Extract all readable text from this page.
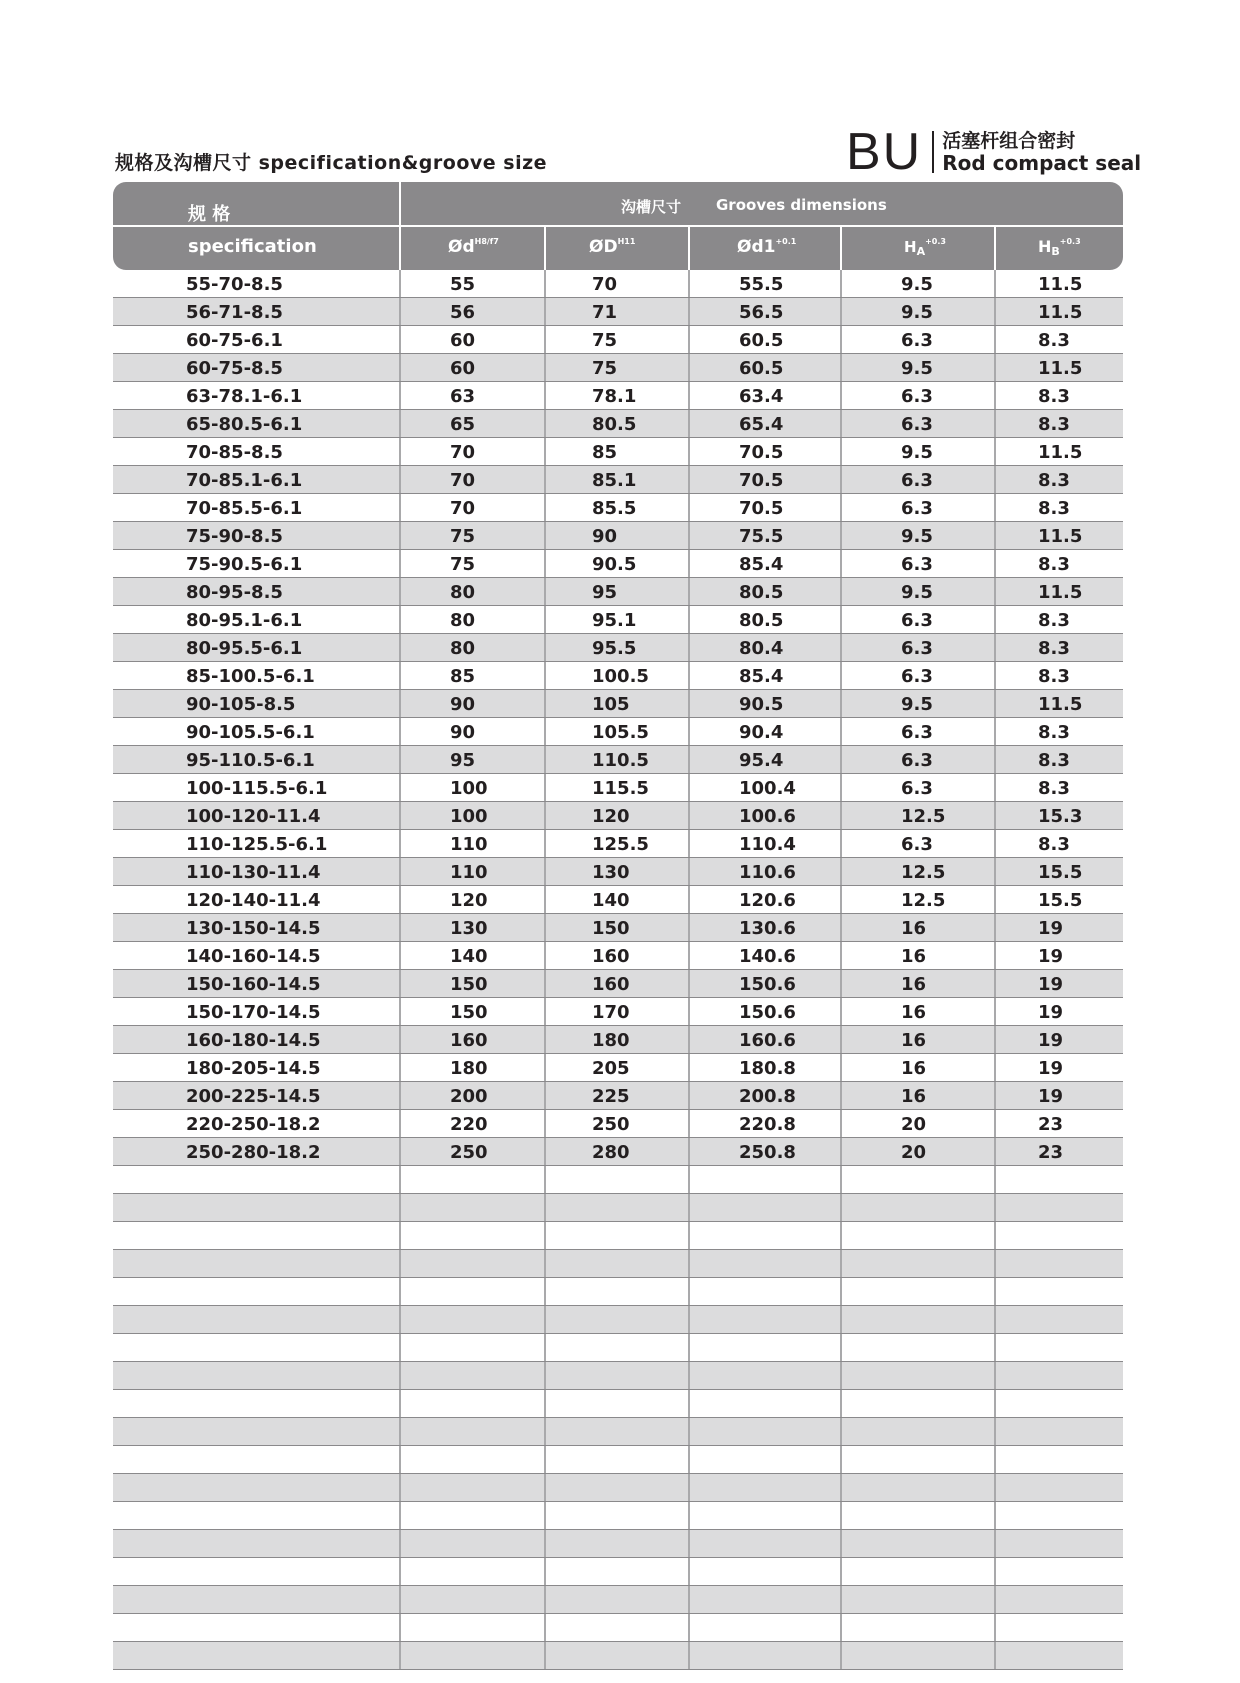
规格及沟槽尺寸 specification&groove size	BU 活塞杆组合密封
Rod compact seal
规 格
specification
沟槽尺寸 Grooves dimensions
$Ød^{H8/f7}$	$ØD^{H11}$	$Ød1^{+0.1}$	$H_A^{+0.3}$	$H_B^{+0.3}$
55-70-8.5	55	70	55.5	9.5	11.5
56-71-8.5	56	71	56.5	9.5	11.5
60-75-6.1	60	75	60.5	6.3	8.3
60-75-8.5	60	75	60.5	9.5	11.5
63-78.1-6.1	63	78.1	63.4	6.3	8.3
65-80.5-6.1	65	80.5	65.4	6.3	8.3
70-85-8.5	70	85	70.5	9.5	11.5
70-85.1-6.1	70	85.1	70.5	6.3	8.3
70-85.5-6.1	70	85.5	70.5	6.3	8.3
75-90-8.5	75	90	75.5	9.5	11.5
75-90.5-6.1	75	90.5	85.4	6.3	8.3
80-95-8.5	80	95	80.5	9.5	11.5
80-95.1-6.1	80	95.1	80.5	6.3	8.3
80-95.5-6.1	80	95.5	80.4	6.3	8.3
85-100.5-6.1	85	100.5	85.4	6.3	8.3
90-105-8.5	90	105	90.5	9.5	11.5
90-105.5-6.1	90	105.5	90.4	6.3	8.3
95-110.5-6.1	95	110.5	95.4	6.3	8.3
100-115.5-6.1	100	115.5	100.4	6.3	8.3
100-120-11.4	100	120	100.6	12.5	15.3
110-125.5-6.1	110	125.5	110.4	6.3	8.3
110-130-11.4	110	130	110.6	12.5	15.5
120-140-11.4	120	140	120.6	12.5	15.5
130-150-14.5	130	150	130.6	16	19
140-160-14.5	140	160	140.6	16	19
150-160-14.5	150	160	150.6	16	19
150-170-14.5	150	170	150.6	16	19
160-180-14.5	160	180	160.6	16	19
180-205-14.5	180	205	180.8	16	19
200-225-14.5	200	225	200.8	16	19
220-250-18.2	220	250	220.8	20	23
250-280-18.2	250	280	250.8	20	23
